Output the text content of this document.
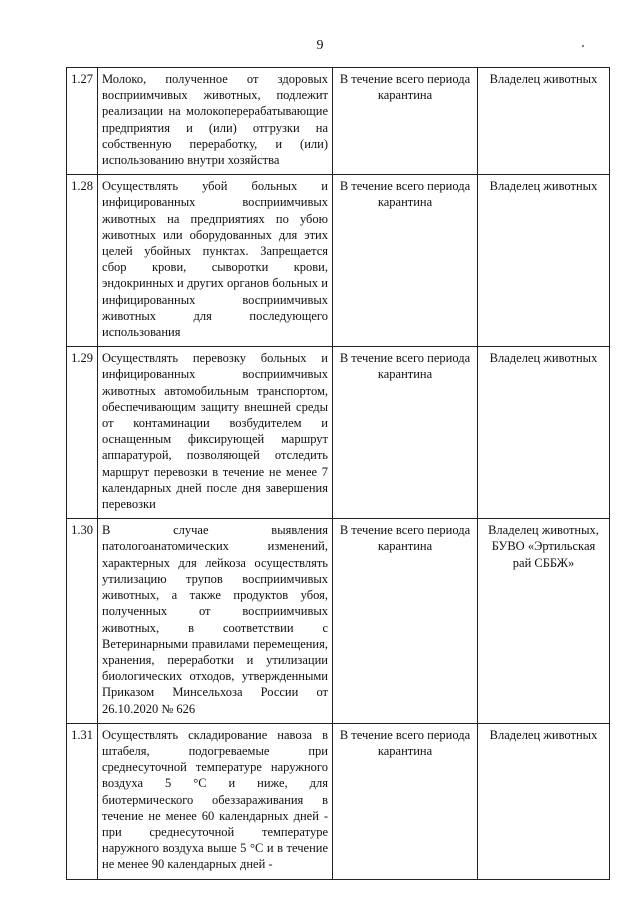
9
1.27	Молоко, полученное от здоровых восприимчивых животных, подлежит реализации на молокоперерабатывающие предприятия и (или) отгрузки на собственную переработку, и (или) использованию внутри хозяйства	В течение всего периода карантина	Владелец животных
1.28	Осуществлять убой больных и инфицированных восприимчивых животных на предприятиях по убою животных или оборудованных для этих целей убойных пунктах. Запрещается сбор крови, сыворотки крови, эндокринных и других органов больных и инфицированных восприимчивых животных для последующего использования	В течение всего периода карантина	Владелец животных
1.29	Осуществлять перевозку больных и инфицированных восприимчивых животных автомобильным транспортом, обеспечивающим защиту внешней среды от контаминации возбудителем и оснащенным фиксирующей маршрут аппаратурой, позволяющей отследить маршрут перевозки в течение не менее 7 календарных дней после дня завершения перевозки	В течение всего периода карантина	Владелец животных
1.30	В случае выявления патологоанатомических изменений, характерных для лейкоза осуществлять утилизацию трупов восприимчивых животных, а также продуктов убоя, полученных от восприимчивых животных, в соответствии с Ветеринарными правилами перемещения, хранения, переработки и утилизации биологических отходов, утвержденными Приказом Минсельхоза России от 26.10.2020 № 626	В течение всего периода карантина	Владелец животных, БУВО «Эртильская рай СББЖ»
1.31	Осуществлять складирование навоза в штабеля, подогреваемые при среднесуточной температуре наружного воздуха 5 °С и ниже, для биотермического обеззараживания в течение не менее 60 календарных дней - при среднесуточной температуре наружного воздуха выше 5 °С и в течение не менее 90 календарных дней -	В течение всего периода карантина	Владелец животных
